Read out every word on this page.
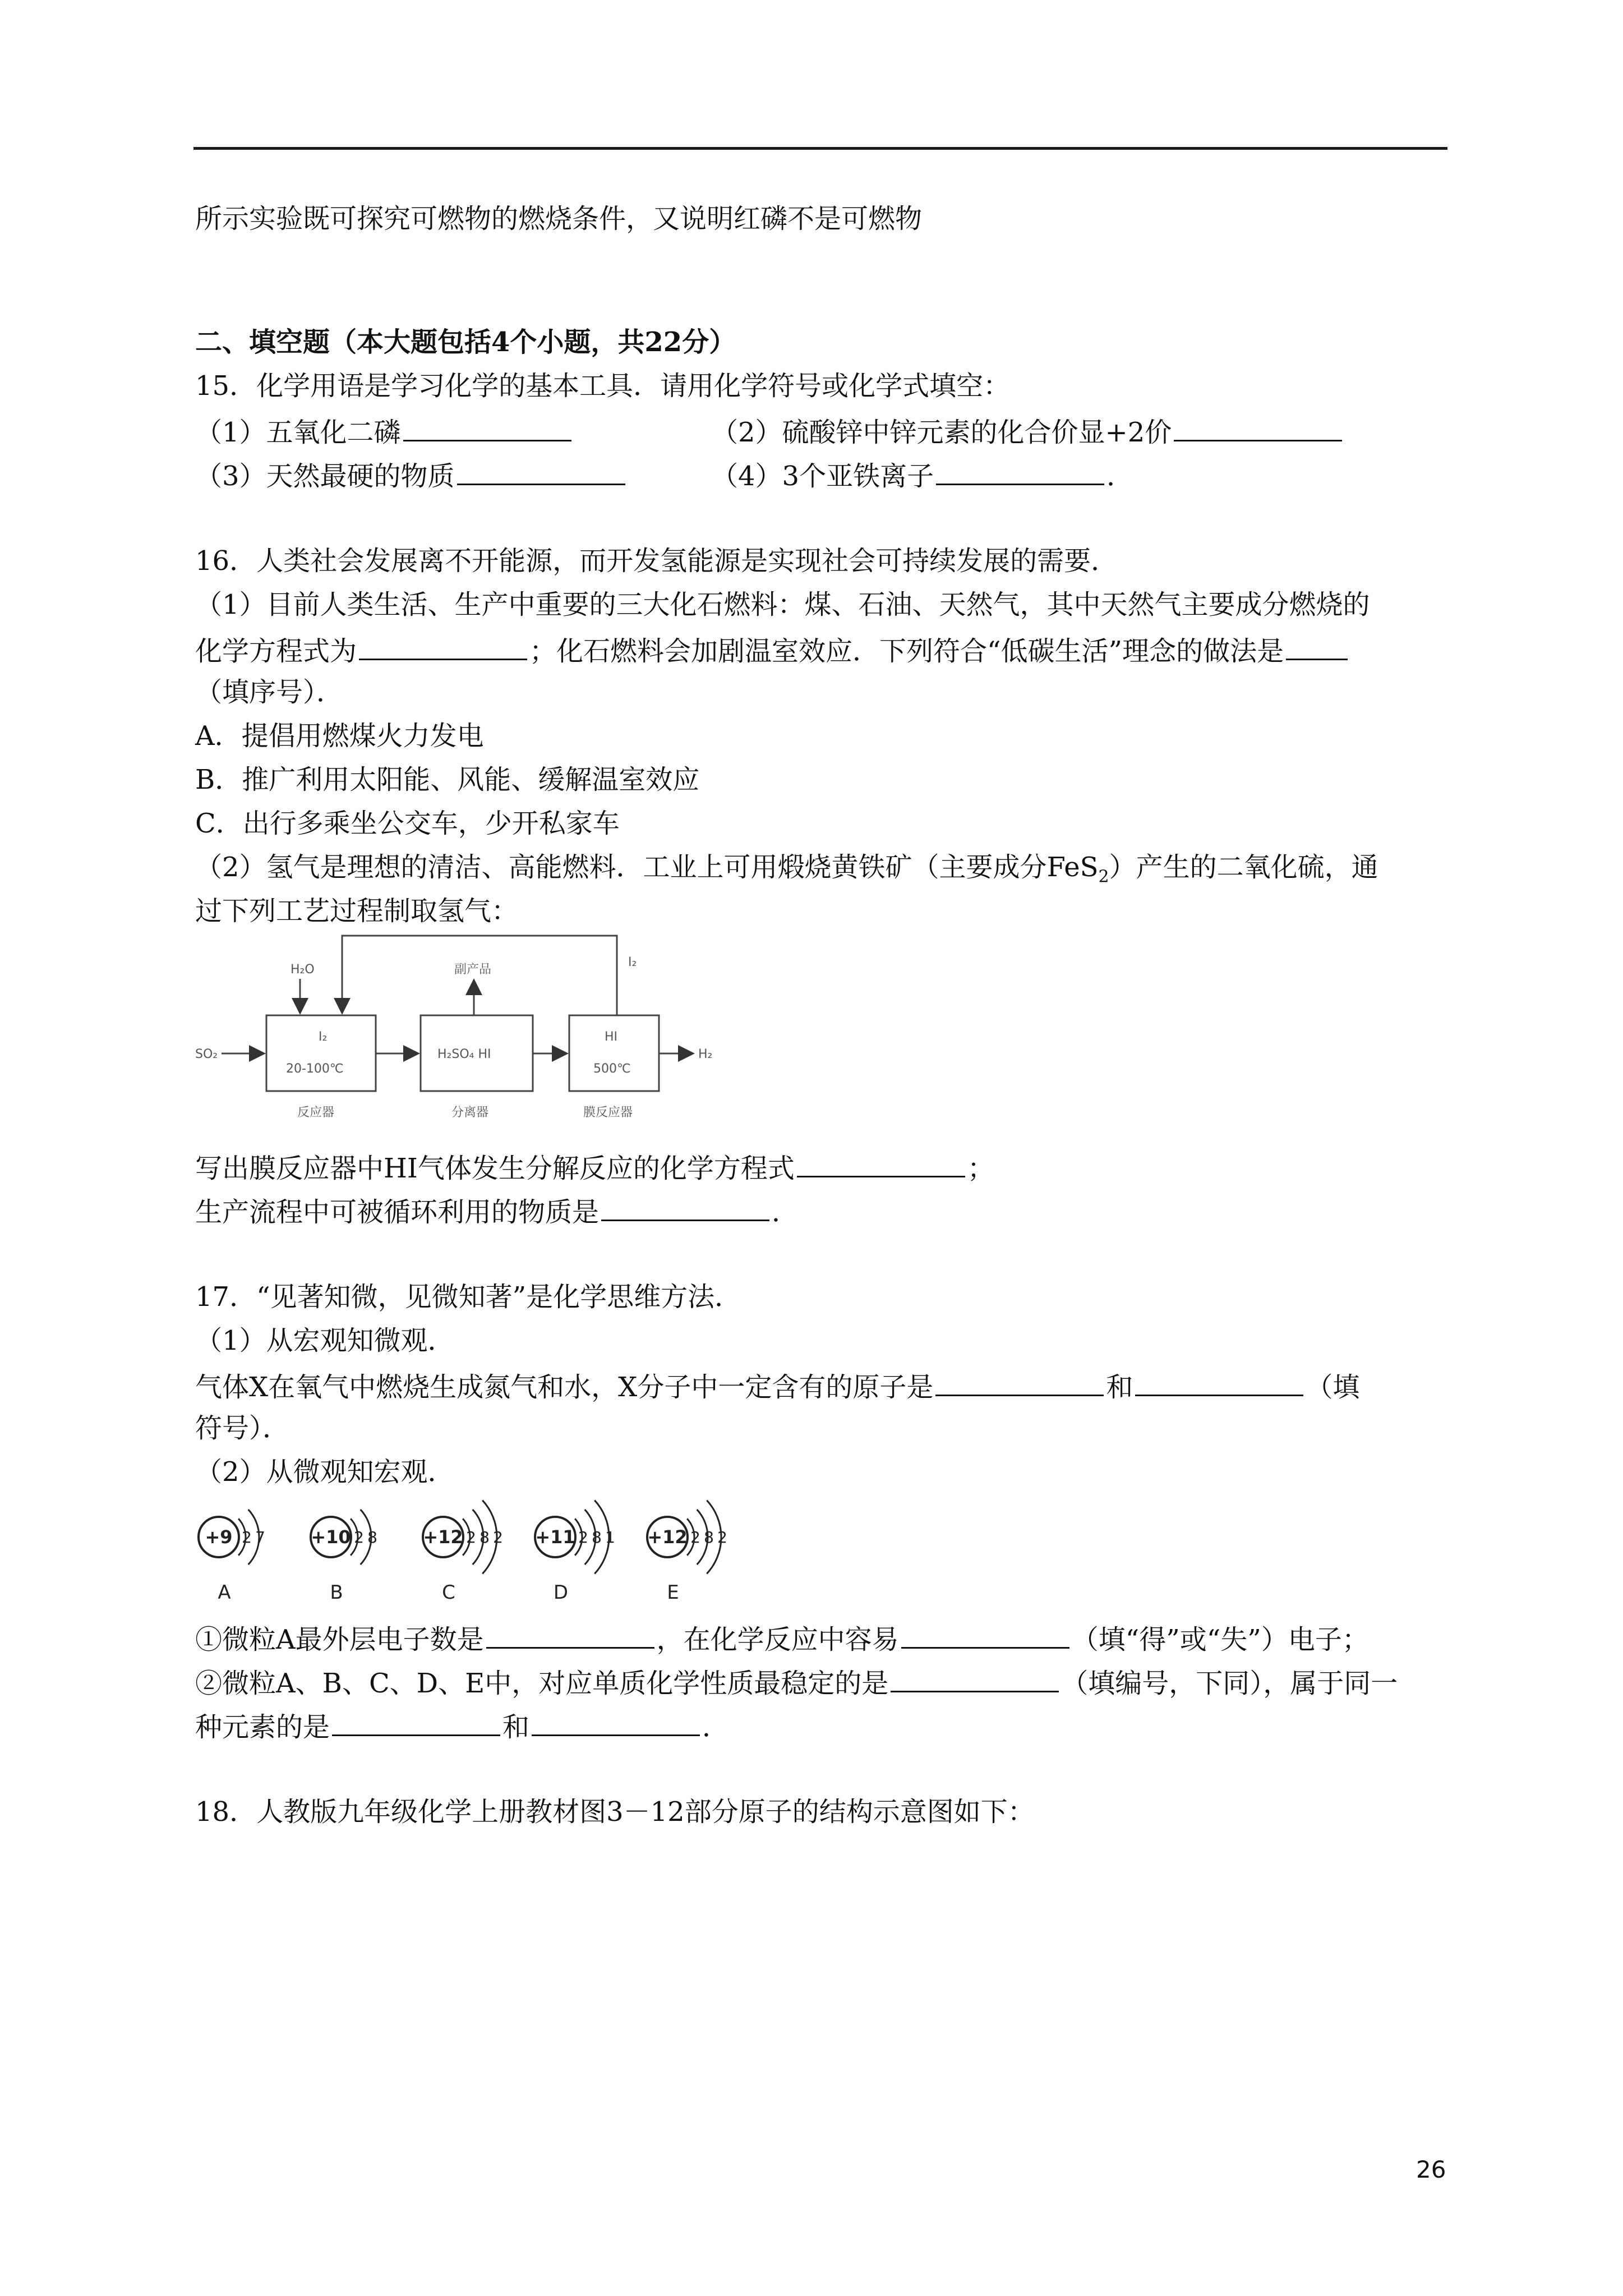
所示实验既可探究可燃物的燃烧条件，又说明红磷不是可燃物
二、填空题（本大题包括4个小题，共22分）
15．化学用语是学习化学的基本工具．请用化学符号或化学式填空：
（1）五氧化二磷	（2）硫酸锌中锌元素的化合价显+2价
（3）天然最硬的物质	（4）3个亚铁离子	．
16．人类社会发展离不开能源，而开发氢能源是实现社会可持续发展的需要．
（1）目前人类生活、生产中重要的三大化石燃料：煤、石油、天然气，其中天然气主要成分燃烧的
化学方程式为	；化石燃料会加剧温室效应．下列符合“低碳生活”理念的做法是
（填序号）．
A．提倡用燃煤火力发电
B．推广利用太阳能、风能、缓解温室效应
C．出行多乘坐公交车，少开私家车
（2）氢气是理想的清洁、高能燃料．工业上可用煅烧黄铁矿（主要成分FeS$_2$）产生的二氧化硫，通
过下列工艺过程制取氢气：
SO₂
H₂O
I₂
20-100℃
反应器
副产品
H₂SO₄ HI
分离器
HI
500℃
膜反应器
I₂
H₂
写出膜反应器中HI气体发生分解反应的化学方程式	；
生产流程中可被循环利用的物质是	．
17．“见著知微，见微知著”是化学思维方法．
（1）从宏观知微观．
气体X在氧气中燃烧生成氮气和水，X分子中一定含有的原子是	和	（填
符号）．
（2）从微观知宏观．
+9 2 7
A
+10 2 8
B
+12 2 8 2
C
+11 2 8 1
D
+12 2 8 2
E
①微粒A最外层电子数是	，在化学反应中容易	（填“得”或“失”）电子；
②微粒A、B、C、D、E中，对应单质化学性质最稳定的是	（填编号，下同），属于同一
种元素的是	和	．
18．人教版九年级化学上册教材图3－12部分原子的结构示意图如下：
26
